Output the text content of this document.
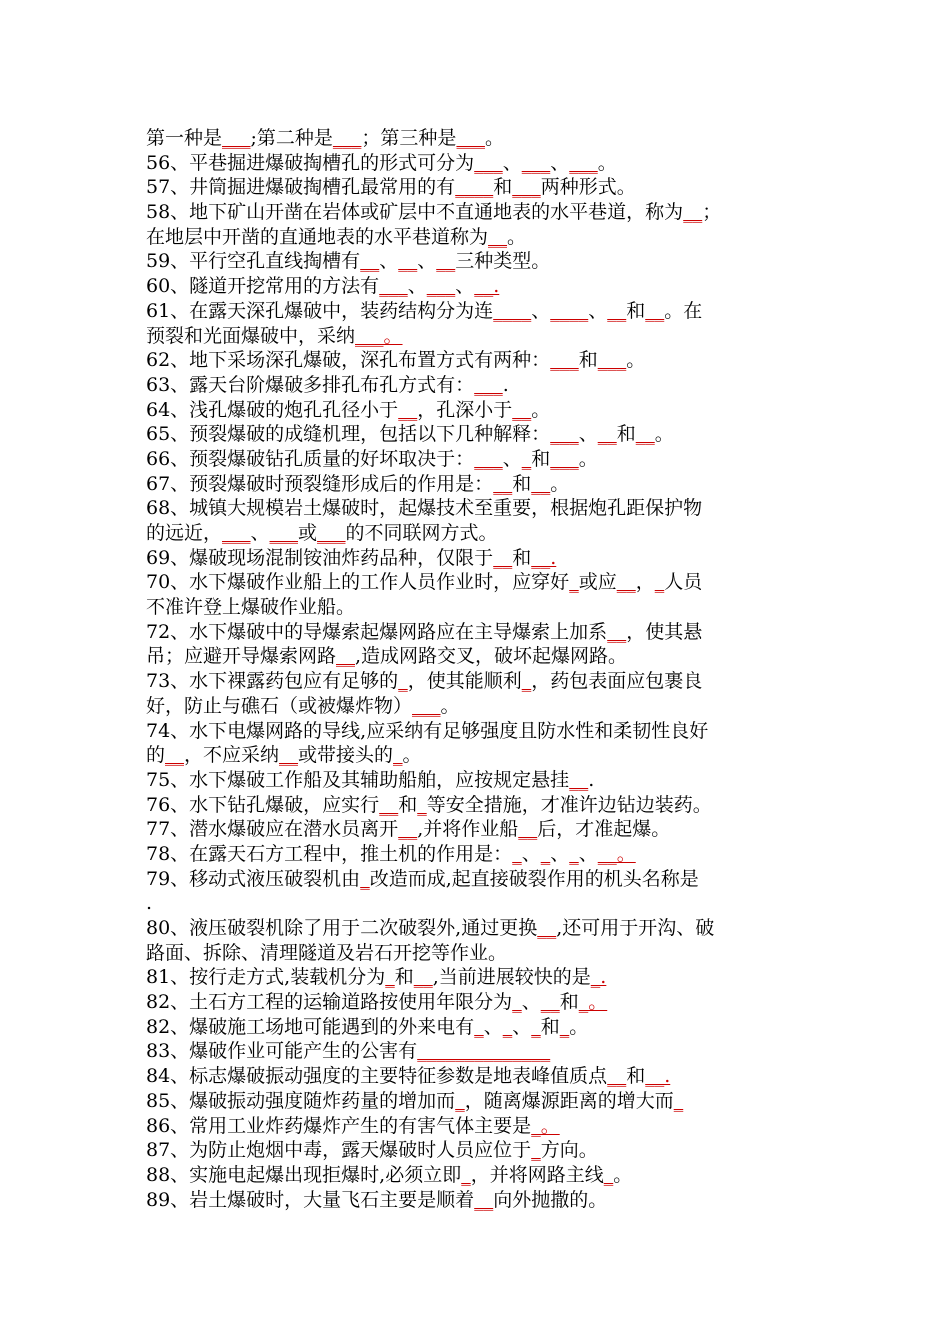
第一种是___;第二种是___；第三种是___。
56、平巷掘进爆破掏槽孔的形式可分为___、___、___。
57、井筒掘进爆破掏槽孔最常用的有____和___两种形式。
58、地下矿山开凿在岩体或矿层中不直通地表的水平巷道，称为__；
在地层中开凿的直通地表的水平巷道称为__。
59、平行空孔直线掏槽有__、__、__三种类型。
60、隧道开挖常用的方法有___、___、__.
61、在露天深孔爆破中，装药结构分为连____、____、__和__。在
预裂和光面爆破中，采纳___。
62、地下采场深孔爆破，深孔布置方式有两种：___和___。
63、露天台阶爆破多排孔布孔方式有：___.
64、浅孔爆破的炮孔孔径小于__，孔深小于__。
65、预裂爆破的成缝机理，包括以下几种解释：___、__和__。
66、预裂爆破钻孔质量的好坏取决于：___、_和___。
67、预裂爆破时预裂缝形成后的作用是：__和__。
68、城镇大规模岩土爆破时，起爆技术至重要，根据炮孔距保护物
的远近，___、___或___的不同联网方式。
69、爆破现场混制铵油炸药品种，仅限于__和__.
70、水下爆破作业船上的工作人员作业时，应穿好_或应__，_人员
不准许登上爆破作业船。
72、水下爆破中的导爆索起爆网路应在主导爆索上加系__，使其悬
吊；应避开导爆索网路__,造成网路交叉，破坏起爆网路。
73、水下裸露药包应有足够的_，使其能顺利_，药包表面应包裹良
好，防止与礁石（或被爆炸物）___。
74、水下电爆网路的导线,应采纳有足够强度且防水性和柔韧性良好
的__，不应采纳__或带接头的_。
75、水下爆破工作船及其辅助船舶，应按规定悬挂__.
76、水下钻孔爆破，应实行__和_等安全措施，才准许边钻边装药。
77、潜水爆破应在潜水员离开__,并将作业船__后，才准起爆。
78、在露天石方工程中，推土机的作用是：_、_、_、__。
79、移动式液压破裂机由_改造而成,起直接破裂作用的机头名称是
.
80、液压破裂机除了用于二次破裂外,通过更换__,还可用于开沟、破
路面、拆除、清理隧道及岩石开挖等作业。
81、按行走方式,装载机分为_和__,当前进展较快的是_.
82、土石方工程的运输道路按使用年限分为_、__和_。
82、爆破施工场地可能遇到的外来电有_、_、_和_。
83、爆破作业可能产生的公害有______________
84、标志爆破振动强度的主要特征参数是地表峰值质点__和__.
85、爆破振动强度随炸药量的增加而_，随离爆源距离的增大而_
86、常用工业炸药爆炸产生的有害气体主要是_。
87、为防止炮烟中毒，露天爆破时人员应位于_方向。
88、实施电起爆出现拒爆时,必须立即_，并将网路主线_。
89、岩土爆破时，大量飞石主要是顺着__向外抛撒的。
